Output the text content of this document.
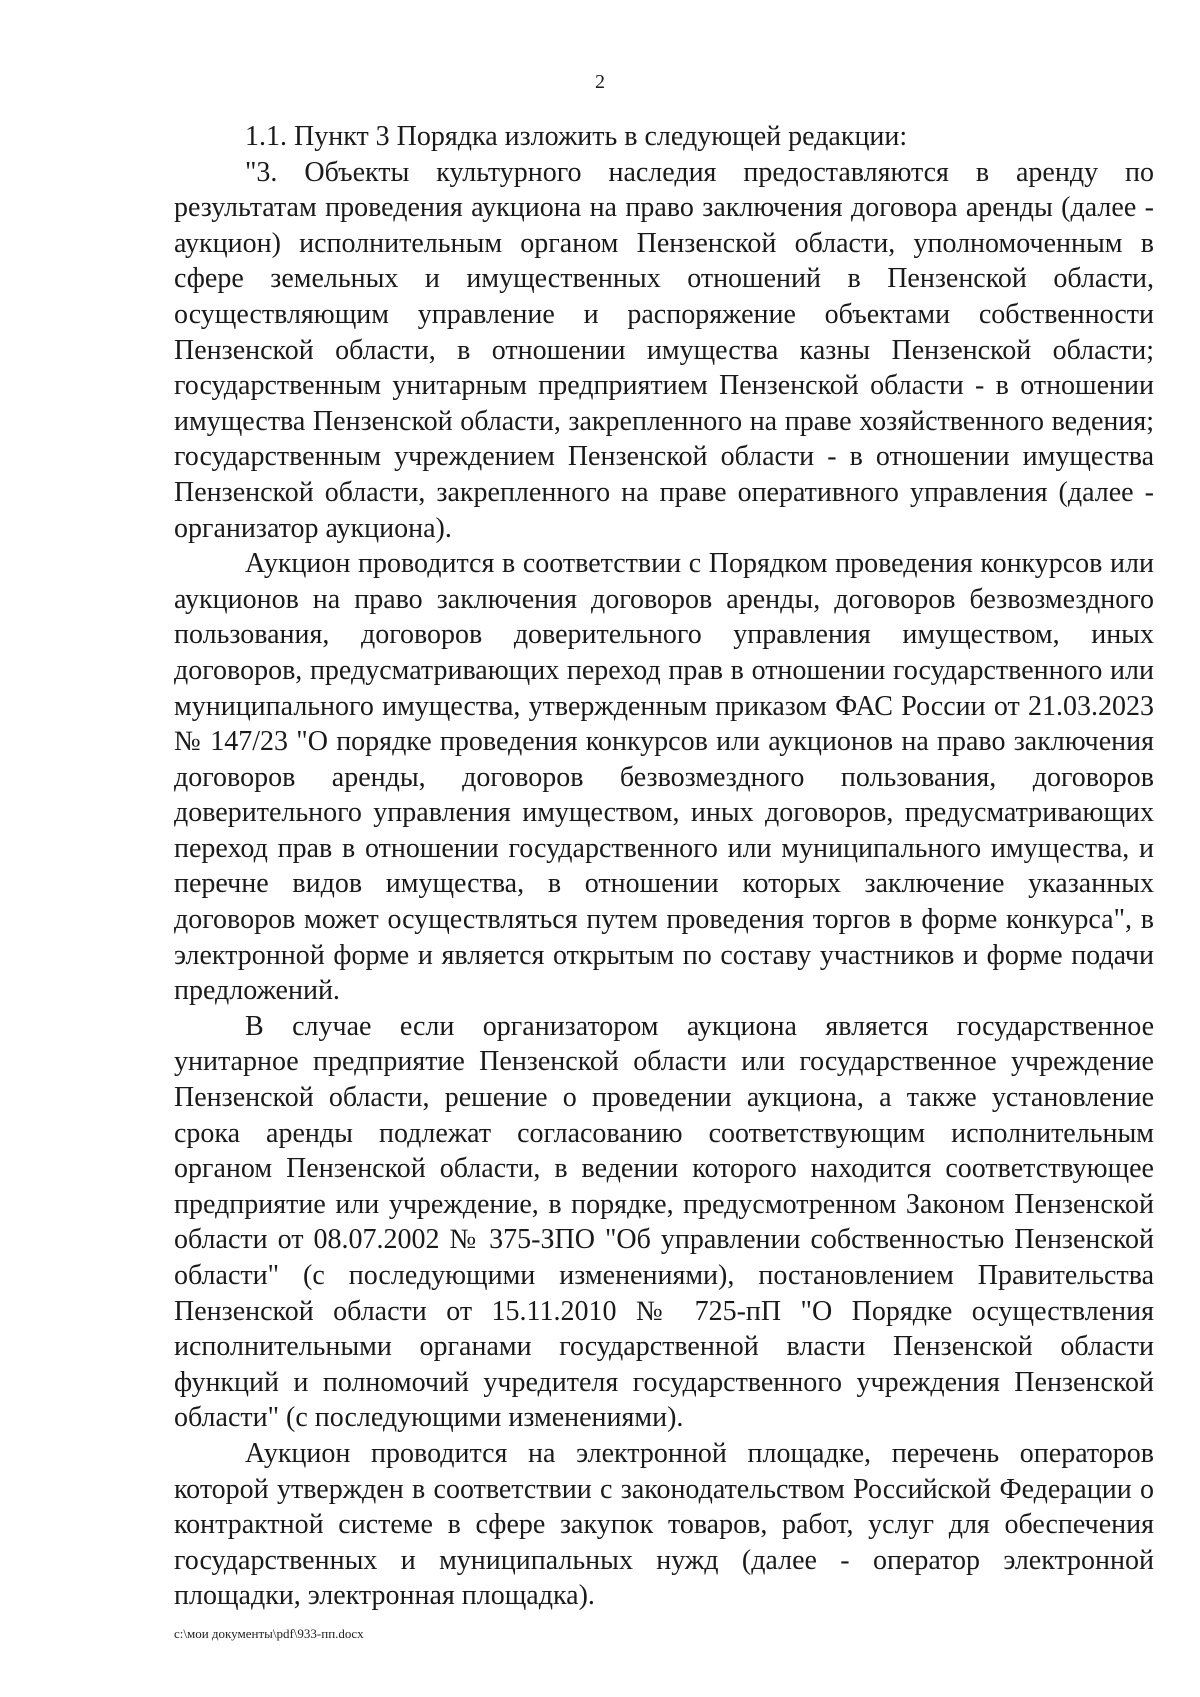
2

1.1. Пункт 3 Порядка изложить в следующей редакции:

"3. Объекты культурного наследия предоставляются в аренду по результатам проведения аукциона на право заключения договора аренды (далее - аукцион) исполнительным органом Пензенской области, уполномоченным в сфере земельных и имущественных отношений в Пензенской области, осуществляющим управление и распоряжение объектами собственности Пензенской области, в отношении имущества казны Пензенской области; государственным унитарным предприятием Пензенской области - в отношении имущества Пензенской области, закрепленного на праве хозяйственного ведения; государственным учреждением Пензенской области - в отношении имущества Пензенской области, закрепленного на праве оперативного управления (далее - организатор аукциона).

Аукцион проводится в соответствии с Порядком проведения конкурсов или аукционов на право заключения договоров аренды, договоров безвозмездного пользования, договоров доверительного управления имуществом, иных договоров, предусматривающих переход прав в отношении государственного или муниципального имущества, утвержденным приказом ФАС России от 21.03.2023 № 147/23 "О порядке проведения конкурсов или аукционов на право заключения договоров аренды, договоров безвозмездного пользования, договоров доверительного управления имуществом, иных договоров, предусматривающих переход прав в отношении государственного или муниципального имущества, и перечне видов имущества, в отношении которых заключение указанных договоров может осуществляться путем проведения торгов в форме конкурса", в электронной форме и является открытым по составу участников и форме подачи предложений.

В случае если организатором аукциона является государственное унитарное предприятие Пензенской области или государственное учреждение Пензенской области, решение о проведении аукциона, а также установление срока аренды подлежат согласованию соответствующим исполнительным органом Пензенской области, в ведении которого находится соответствующее предприятие или учреждение, в порядке, предусмотренном Законом Пензенской области от 08.07.2002 № 375-ЗПО "Об управлении собственностью Пензенской области" (с последующими изменениями), постановлением Правительства Пензенской области от 15.11.2010 № 725-пП "О Порядке осуществления исполнительными органами государственной власти Пензенской области функций и полномочий учредителя государственного учреждения Пензенской области" (с последующими изменениями).

Аукцион проводится на электронной площадке, перечень операторов которой утвержден в соответствии с законодательством Российской Федерации о контрактной системе в сфере закупок товаров, работ, услуг для обеспечения государственных и муниципальных нужд (далее - оператор электронной площадки, электронная площадка).

c:\мои документы\pdf\933-пп.docx
